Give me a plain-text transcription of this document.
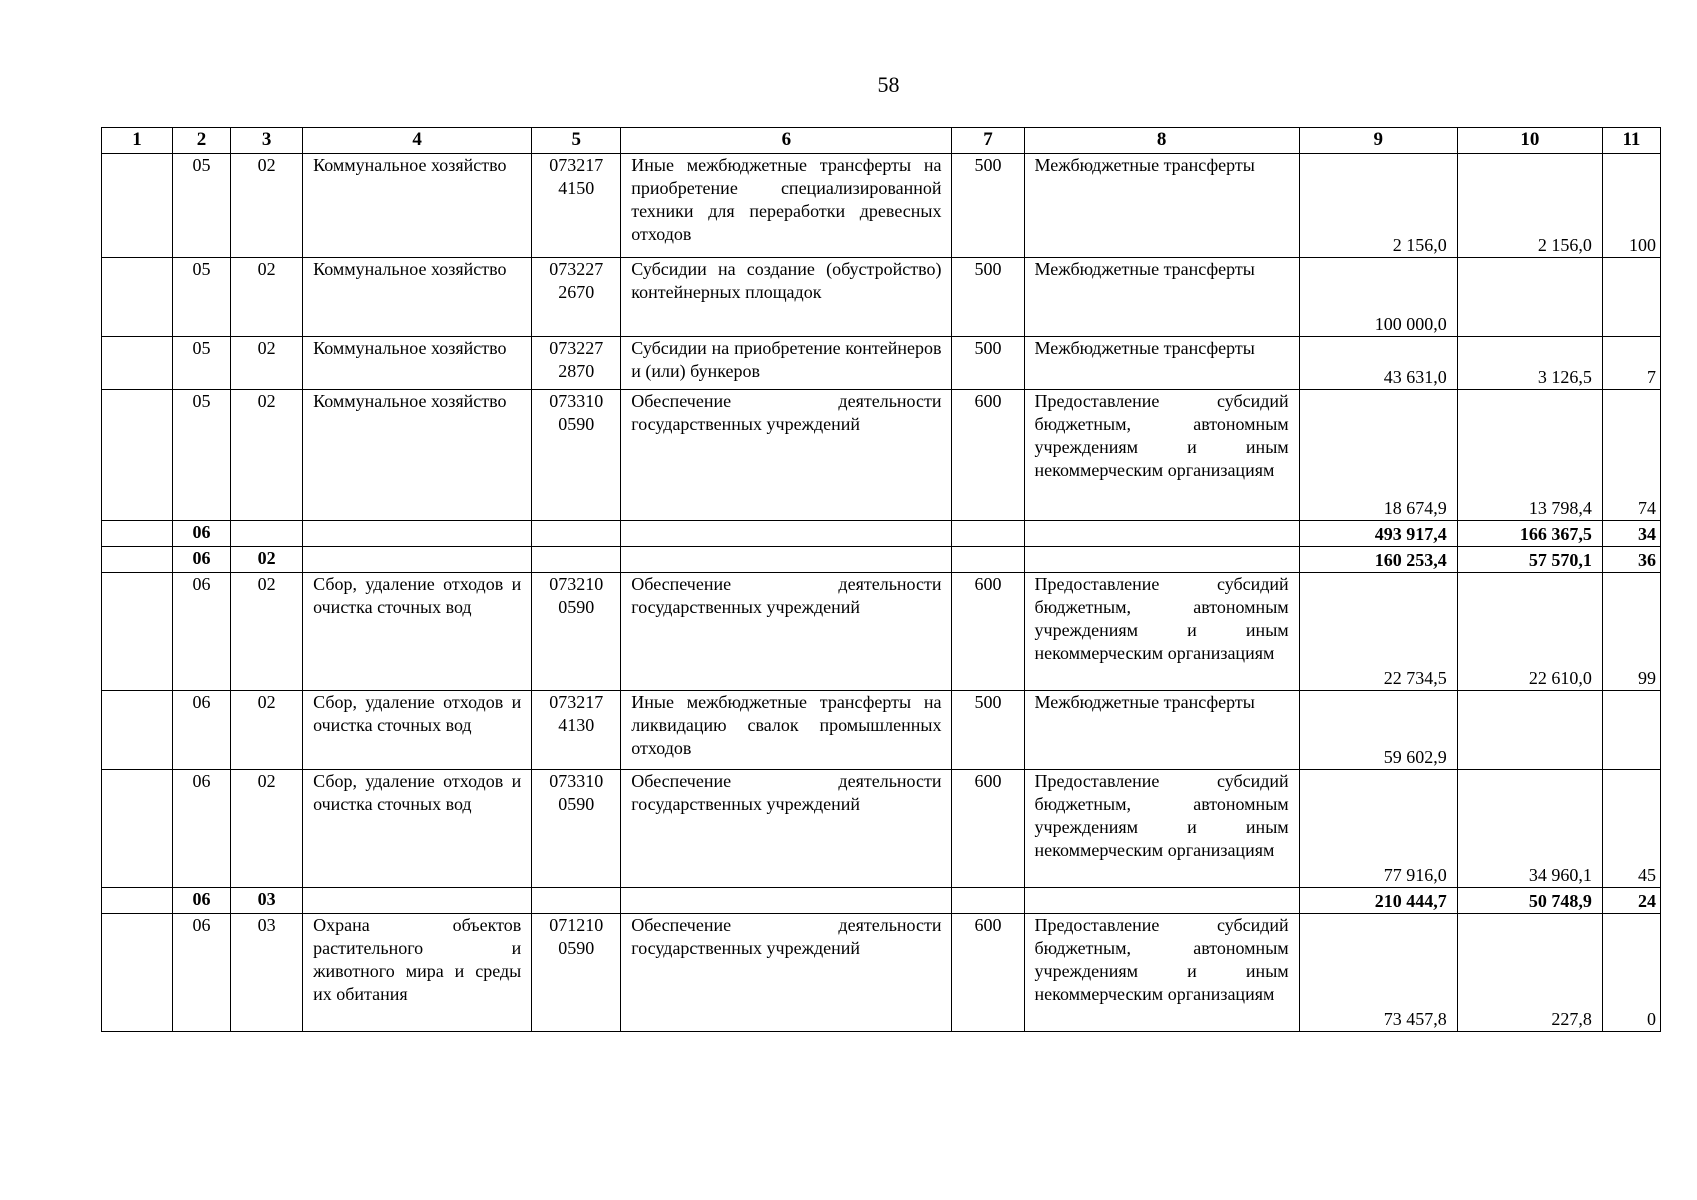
58
1	2	3	4	5	6	7	8	9	10	11
	05	02	Коммунальное хозяйство	073217 4150	Иные межбюджетные трансферты на приобретение специализированной техники для переработки древесных отходов	500	Межбюджетные трансферты	2 156,0	2 156,0	100
	05	02	Коммунальное хозяйство	073227 2670	Субсидии на создание (обустройство) контейнерных площадок	500	Межбюджетные трансферты	100 000,0		
	05	02	Коммунальное хозяйство	073227 2870	Субсидии на приобретение контейнеров и (или) бункеров	500	Межбюджетные трансферты	43 631,0	3 126,5	7
	05	02	Коммунальное хозяйство	073310 0590	Обеспечение деятельности государственных учреждений	600	Предоставление субсидий бюджетным, автономным учреждениям и иным некоммерческим организациям	18 674,9	13 798,4	74
	06							493 917,4	166 367,5	34
	06	02						160 253,4	57 570,1	36
	06	02	Сбор, удаление отходов и очистка сточных вод	073210 0590	Обеспечение деятельности государственных учреждений	600	Предоставление субсидий бюджетным, автономным учреждениям и иным некоммерческим организациям	22 734,5	22 610,0	99
	06	02	Сбор, удаление отходов и очистка сточных вод	073217 4130	Иные межбюджетные трансферты на ликвидацию свалок промышленных отходов	500	Межбюджетные трансферты	59 602,9		
	06	02	Сбор, удаление отходов и очистка сточных вод	073310 0590	Обеспечение деятельности государственных учреждений	600	Предоставление субсидий бюджетным, автономным учреждениям и иным некоммерческим организациям	77 916,0	34 960,1	45
	06	03						210 444,7	50 748,9	24
	06	03	Охрана объектов растительного и животного мира и среды их обитания	071210 0590	Обеспечение деятельности государственных учреждений	600	Предоставление субсидий бюджетным, автономным учреждениям и иным некоммерческим организациям	73 457,8	227,8	0
